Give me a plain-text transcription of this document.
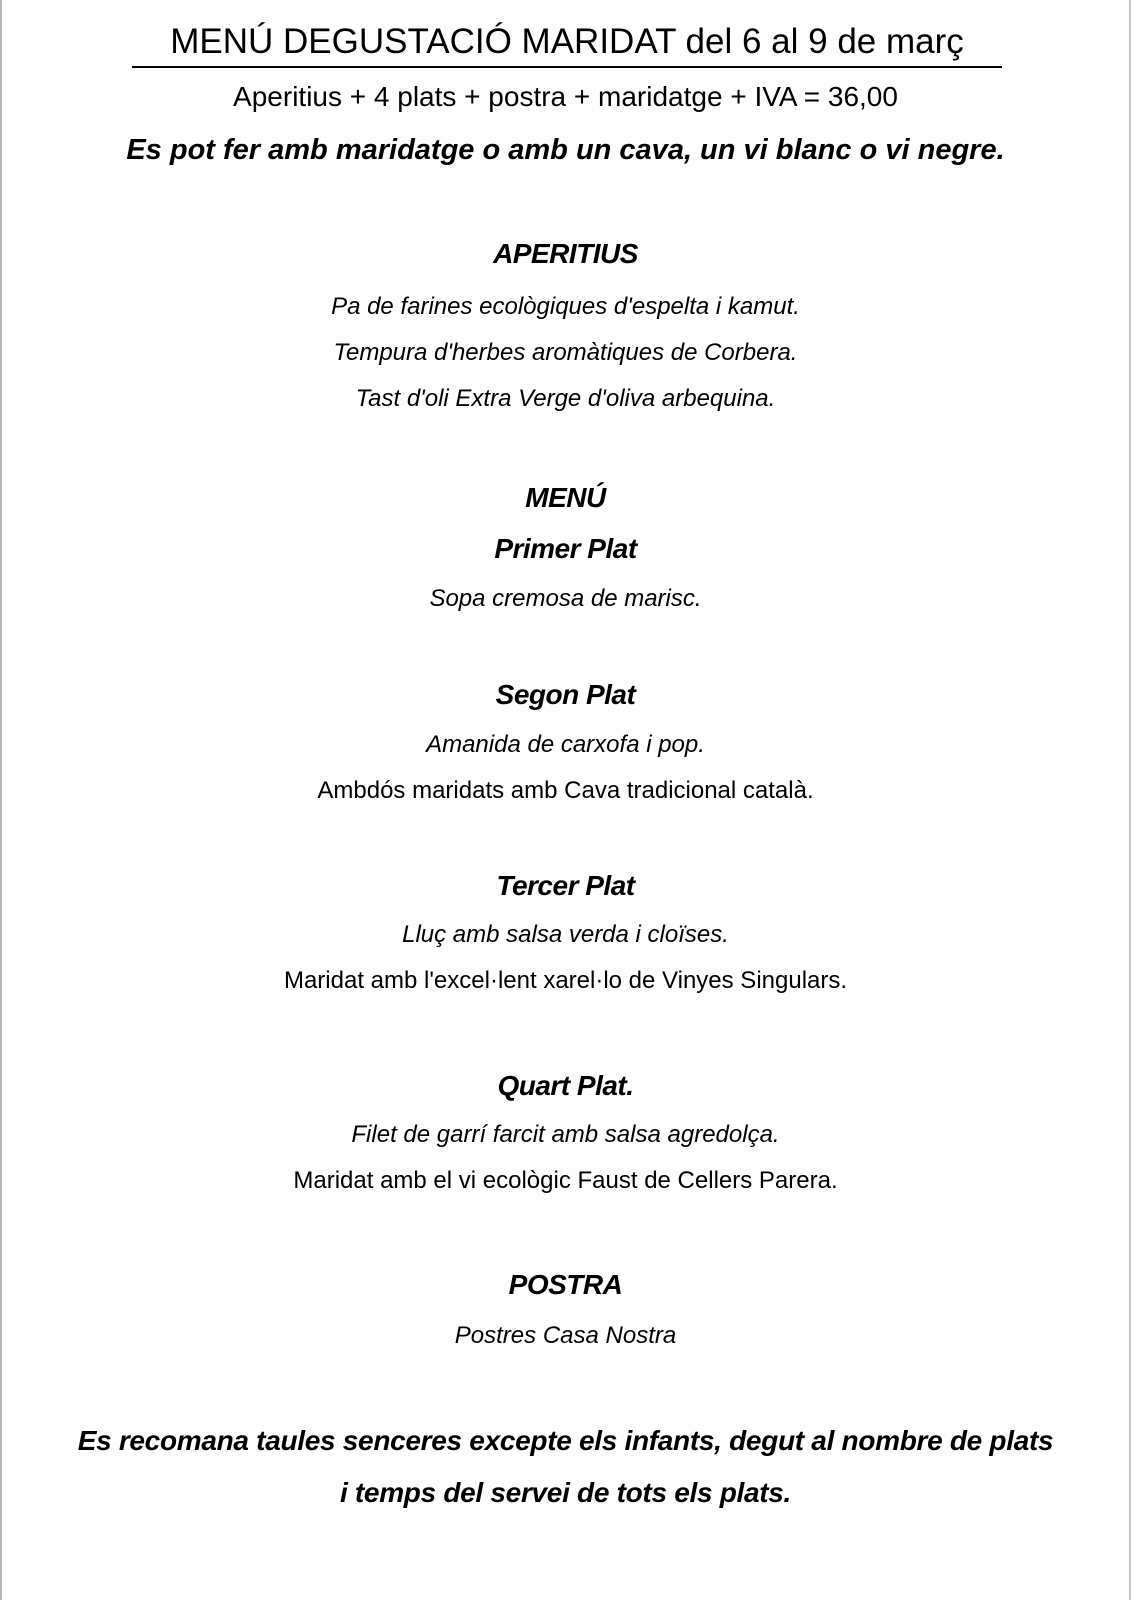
MENÚ DEGUSTACIÓ MARIDAT del 6 al 9 de març
Aperitius + 4 plats + postra + maridatge + IVA = 36,00
Es pot fer amb maridatge o amb un cava, un vi blanc o vi negre.
APERITIUS
Pa de farines ecològiques d'espelta i kamut.
Tempura d'herbes aromàtiques de Corbera.
Tast d'oli Extra Verge d'oliva arbequina.
MENÚ
Primer Plat
Sopa cremosa de marisc.
Segon Plat
Amanida de carxofa i pop.
Ambdós maridats amb Cava tradicional català.
Tercer Plat
Lluç amb salsa verda i cloïses.
Maridat amb l'excel·lent xarel·lo de Vinyes Singulars.
Quart Plat.
Filet de garrí farcit amb salsa agredolça.
Maridat amb el vi ecològic Faust de Cellers Parera.
POSTRA
Postres Casa Nostra
Es recomana taules senceres excepte els infants, degut al nombre de plats
i temps del servei de tots els plats.
